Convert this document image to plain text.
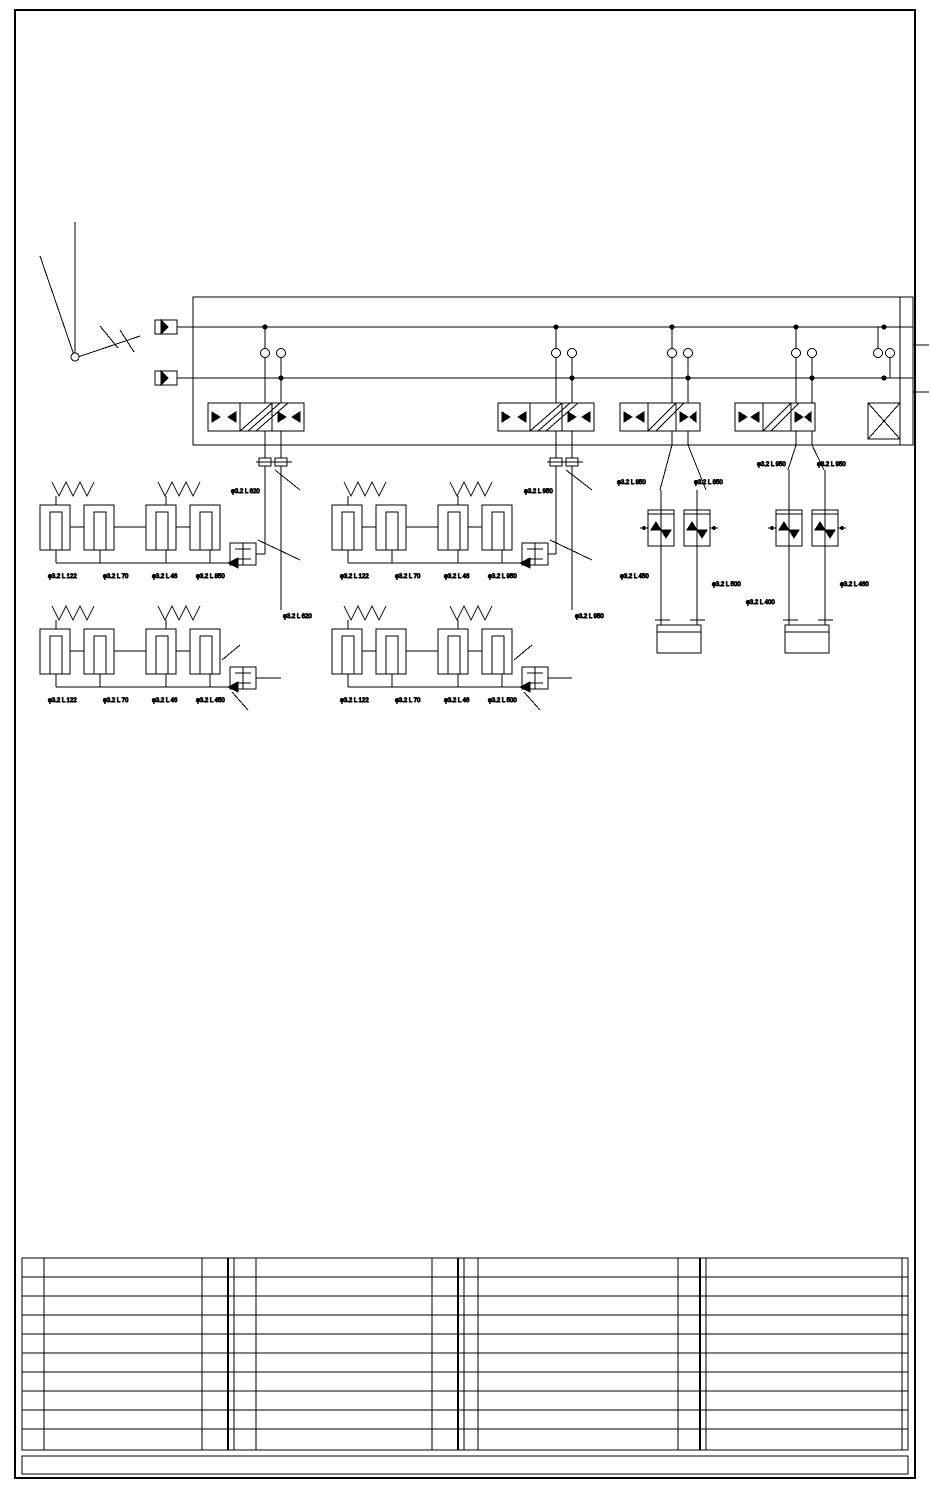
φ3.2 L 122	φ3.2 L 70	φ3.2 L 46	φ3.2 L 850
φ3.2 L 620
φ3.2 L 122	φ3.2 L 70	φ3.2 L 46	φ3.2 L 450
φ3.2 L 620
φ3.2 L 122	φ3.2 L 70	φ3.2 L 46	φ3.2 L 950
φ3.2 L 950
φ3.2 L 122	φ3.2 L 70	φ3.2 L 46	φ3.2 L 500
φ3.2 L 950
φ3.2 L 850	φ3.2 L 850
φ3.2 L 450
φ3.2 L 500
φ3.2 L 950	φ3.2 L 950
φ3.2 L 400
φ3.2 L 460
